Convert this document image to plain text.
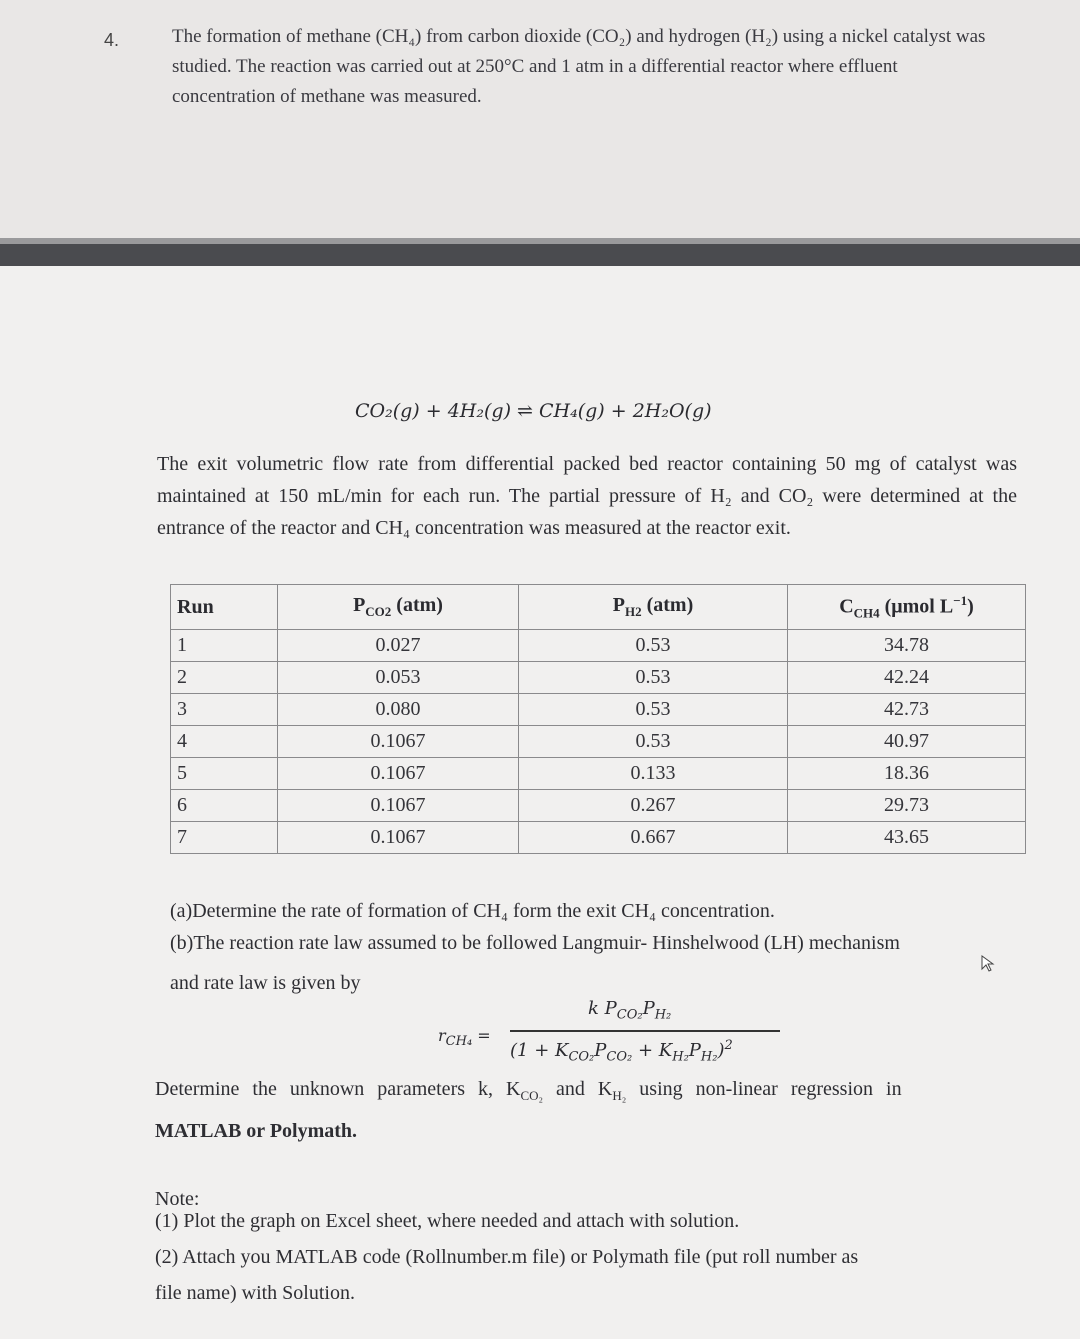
4.	The formation of methane (CH₄) from carbon dioxide (CO₂) and hydrogen (H₂) using a nickel catalyst was studied. The reaction was carried out at 250°C and 1 atm in a differential reactor where effluent concentration of methane was measured.
CO₂(g) + 4H₂(g) ⇌ CH₄(g) + 2H₂O(g)
The exit volumetric flow rate from differential packed bed reactor containing 50 mg of catalyst was maintained at 150 mL/min for each run. The partial pressure of H₂ and CO₂ were determined at the entrance of the reactor and CH₄ concentration was measured at the reactor exit.
Run	$P_{CO2}$ (atm)	$P_{H2}$ (atm)	$C_{CH4}$ (μmol $L^{-1}$)
1	0.027	0.53	34.78
2	0.053	0.53	42.24
3	0.080	0.53	42.73
4	0.1067	0.53	40.97
5	0.1067	0.133	18.36
6	0.1067	0.267	29.73
7	0.1067	0.667	43.65
(a)Determine the rate of formation of CH₄ form the exit CH₄ concentration.
(b)The reaction rate law assumed to be followed Langmuir- Hinshelwood (LH) mechanism
and rate law is given by
$r_{CH_4}$ =
k $P_{CO_2}P_{H_2}$
$(1 + K_{CO_2}P_{CO_2} + K_{H_2}P_{H_2})^2$
Determine the unknown parameters k, $K_{CO_2}$ and $K_{H_2}$ using non-linear regression in
MATLAB or Polymath.
Note:
(1) Plot the graph on Excel sheet, where needed and attach with solution.
(2) Attach you MATLAB code (Rollnumber.m file) or Polymath file (put roll number as
file name) with Solution.
